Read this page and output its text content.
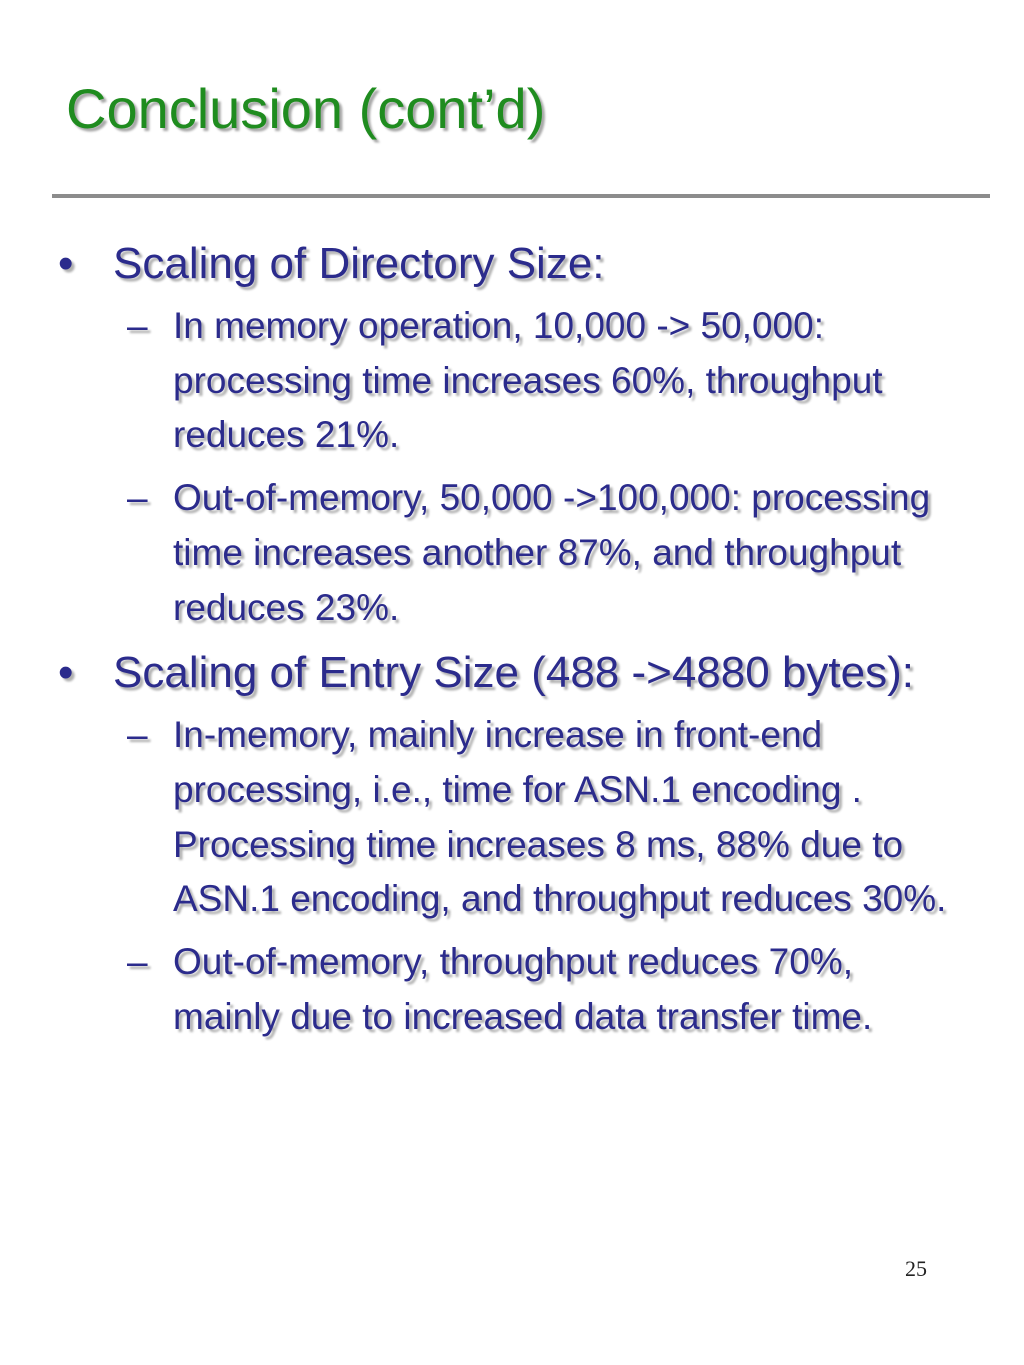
Conclusion (cont’d)
• Scaling of Directory Size:
– In memory operation, 10,000 -> 50,000: processing time increases 60%, throughput reduces 21%.
– Out-of-memory, 50,000 ->100,000: processing time increases another 87%, and throughput reduces 23%.
• Scaling of Entry Size (488 ->4880 bytes):
– In-memory, mainly increase in front-end processing, i.e., time for ASN.1 encoding . Processing time increases 8 ms, 88% due to ASN.1 encoding, and throughput reduces 30%.
– Out-of-memory, throughput reduces 70%, mainly due to increased data transfer time.
25
